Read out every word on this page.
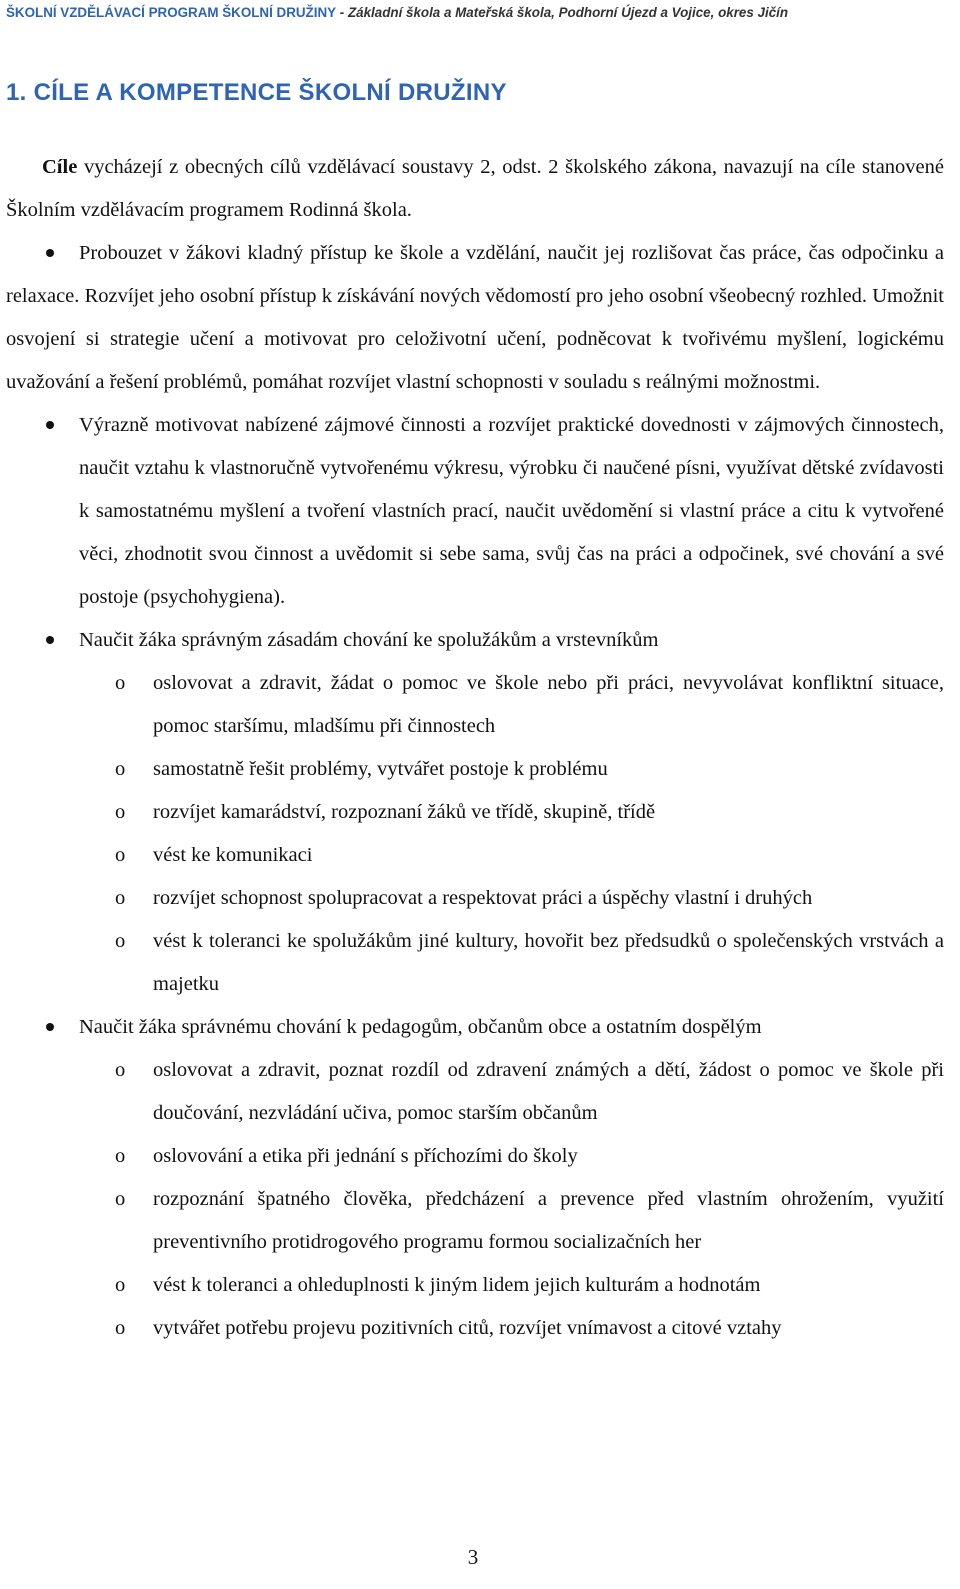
ŠKOLNÍ VZDĚLÁVACÍ PROGRAM ŠKOLNÍ DRUŽINY - Základní škola a Mateřská škola, Podhorní Újezd a Vojice, okres Jičín
1. CÍLE A KOMPETENCE ŠKOLNÍ DRUŽINY

Cíle vycházejí z obecných cílů vzdělávací soustavy 2, odst. 2 školského zákona, navazují na cíle stanovené Školním vzdělávacím programem Rodinná škola.

Probouzet v žákovi kladný přístup ke škole a vzdělání, naučit jej rozlišovat čas práce, čas odpočinku a relaxace. Rozvíjet jeho osobní přístup k získávání nových vědomostí pro jeho osobní všeobecný rozhled. Umožnit osvojení si strategie učení a motivovat pro celoživotní učení, podněcovat k tvořivému myšlení, logickému uvažování a řešení problémů, pomáhat rozvíjet vlastní schopnosti v souladu s reálnými možnostmi.
Výrazně motivovat nabízené zájmové činnosti a rozvíjet praktické dovednosti v zájmových činnostech, naučit vztahu k vlastnoručně vytvořenému výkresu, výrobku či naučené písni, využívat dětské zvídavosti k samostatnému myšlení a tvoření vlastních prací, naučit uvědomění si vlastní práce a citu k vytvořené věci, zhodnotit svou činnost a uvědomit si sebe sama, svůj čas na práci a odpočinek, své chování a své postoje (psychohygiena).
Naučit žáka správným zásadám chování ke spolužákům a vrstevníkům
o oslovovat a zdravit, žádat o pomoc ve škole nebo při práci, nevyvolávat konfliktní situace, pomoc staršímu, mladšímu při činnostech
o samostatně řešit problémy, vytvářet postoje k problému
o rozvíjet kamarádství, rozpoznaní žáků ve třídě, skupině, třídě
o vést ke komunikaci
o rozvíjet schopnost spolupracovat a respektovat práci a úspěchy vlastní i druhých
o vést k toleranci ke spolužákům jiné kultury, hovořit bez předsudků o společenských vrstvách a majetku
Naučit žáka správnému chování k pedagogům, občanům obce a ostatním dospělým
o oslovovat a zdravit, poznat rozdíl od zdravení známých a dětí, žádost o pomoc ve škole při doučování, nezvládání učiva, pomoc starším občanům
o oslovování a etika při jednání s příchozími do školy
o rozpoznání špatného člověka, předcházení a prevence před vlastním ohrožením, využití preventivního protidrogového programu formou socializačních her
o vést k toleranci a ohleduplnosti k jiným lidem jejich kulturám a hodnotám
o vytvářet potřebu projevu pozitivních citů, rozvíjet vnímavost a citové vztahy
3
